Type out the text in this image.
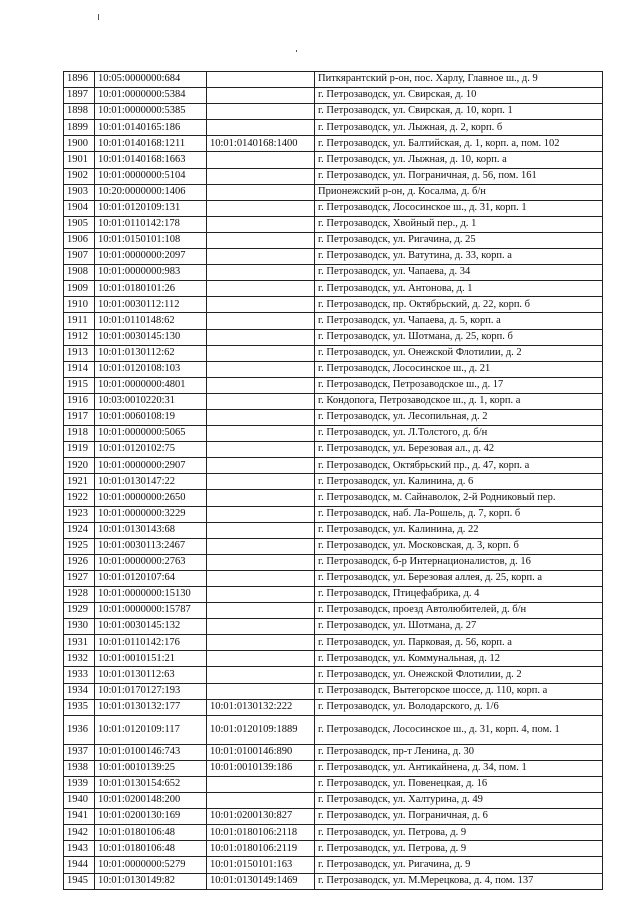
1896	10:05:0000000:684		Питкярантский р-он, пос. Харлу, Главное ш., д. 9
1897	10:01:0000000:5384		г. Петрозаводск, ул. Свирская, д. 10
1898	10:01:0000000:5385		г. Петрозаводск, ул. Свирская, д. 10, корп. 1
1899	10:01:0140165:186		г. Петрозаводск, ул. Лыжная, д. 2, корп. б
1900	10:01:0140168:1211	10:01:0140168:1400	г. Петрозаводск, ул. Балтийская, д. 1, корп. а, пом. 102
1901	10:01:0140168:1663		г. Петрозаводск, ул. Лыжная, д. 10, корп. а
1902	10:01:0000000:5104		г. Петрозаводск, ул. Пограничная, д. 56, пом. 161
1903	10:20:0000000:1406		Прионежский р-он, д. Косалма, д. б/н
1904	10:01:0120109:131		г. Петрозаводск, Лососинское ш., д. 31, корп. 1
1905	10:01:0110142:178		г. Петрозаводск, Хвойный пер., д. 1
1906	10:01:0150101:108		г. Петрозаводск, ул. Ригачина, д. 25
1907	10:01:0000000:2097		г. Петрозаводск, ул. Ватутина, д. 33, корп. а
1908	10:01:0000000:983		г. Петрозаводск, ул. Чапаева, д. 34
1909	10:01:0180101:26		г. Петрозаводск, ул. Антонова, д. 1
1910	10:01:0030112:112		г. Петрозаводск, пр. Октябрьский, д. 22, корп. б
1911	10:01:0110148:62		г. Петрозаводск, ул. Чапаева, д. 5, корп. а
1912	10:01:0030145:130		г. Петрозаводск, ул. Шотмана, д. 25, корп. б
1913	10:01:0130112:62		г. Петрозаводск, ул. Онежской Флотилии, д. 2
1914	10:01:0120108:103		г. Петрозаводск, Лососинское ш., д. 21
1915	10:01:0000000:4801		г. Петрозаводск, Петрозаводское ш., д. 17
1916	10:03:0010220:31		г. Кондопога, Петрозаводское ш., д. 1, корп. а
1917	10:01:0060108:19		г. Петрозаводск, ул. Лесопильная, д. 2
1918	10:01:0000000:5065		г. Петрозаводск, ул. Л.Толстого, д. б/н
1919	10:01:0120102:75		г. Петрозаводск, ул. Березовая ал., д. 42
1920	10:01:0000000:2907		г. Петрозаводск, Октябрьский пр., д. 47, корп. а
1921	10:01:0130147:22		г. Петрозаводск, ул. Калинина, д. 6
1922	10:01:0000000:2650		г. Петрозаводск, м. Сайнаволок, 2-й Родниковый пер.
1923	10:01:0000000:3229		г. Петрозаводск, наб. Ла-Рошель, д. 7, корп. б
1924	10:01:0130143:68		г. Петрозаводск, ул. Калинина, д. 22
1925	10:01:0030113:2467		г. Петрозаводск, ул. Московская, д. 3, корп. б
1926	10:01:0000000:2763		г. Петрозаводск, б-р Интернационалистов, д. 16
1927	10:01:0120107:64		г. Петрозаводск, ул. Березовая аллея, д. 25, корп. а
1928	10:01:0000000:15130		г. Петрозаводск, Птицефабрика, д. 4
1929	10:01:0000000:15787		г. Петрозаводск, проезд Автолюбителей, д. б/н
1930	10:01:0030145:132		г. Петрозаводск, ул. Шотмана, д. 27
1931	10:01:0110142:176		г. Петрозаводск, ул. Парковая, д. 56, корп. а
1932	10:01:0010151:21		г. Петрозаводск, ул. Коммунальная, д. 12
1933	10:01:0130112:63		г. Петрозаводск, ул. Онежской Флотилии, д. 2
1934	10:01:0170127:193		г. Петрозаводск, Вытегорское шоссе, д. 110, корп. а
1935	10:01:0130132:177	10:01:0130132:222	г. Петрозаводск, ул. Володарского, д. 1/6
1936	10:01:0120109:117	10:01:0120109:1889	г. Петрозаводск, Лососинское ш., д. 31, корп. 4, пом. 1
1937	10:01:0100146:743	10:01:0100146:890	г. Петрозаводск, пр-т Ленина, д. 30
1938	10:01:0010139:25	10:01:0010139:186	г. Петрозаводск, ул. Антикайнена, д. 34, пом. 1
1939	10:01:0130154:652		г. Петрозаводск, ул. Повенецкая, д. 16
1940	10:01:0200148:200		г. Петрозаводск, ул. Халтурина, д. 49
1941	10:01:0200130:169	10:01:0200130:827	г. Петрозаводск, ул. Пограничная, д. 6
1942	10:01:0180106:48	10:01:0180106:2118	г. Петрозаводск, ул. Петрова, д. 9
1943	10:01:0180106:48	10:01:0180106:2119	г. Петрозаводск, ул. Петрова, д. 9
1944	10:01:0000000:5279	10:01:0150101:163	г. Петрозаводск, ул. Ригачина, д. 9
1945	10:01:0130149:82	10:01:0130149:1469	г. Петрозаводск, ул. М.Мерецкова, д. 4, пом. 137
